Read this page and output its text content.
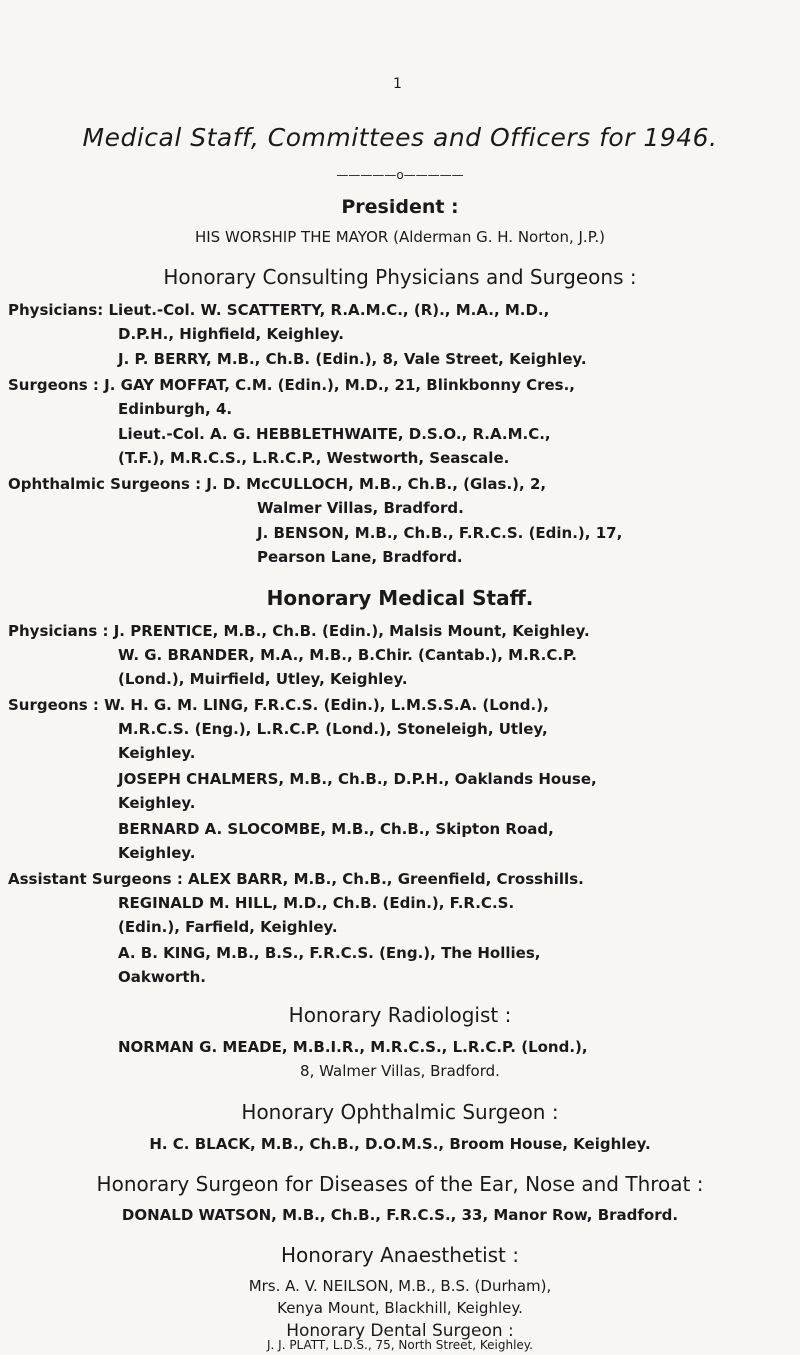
1
Medical Staff, Committees and Officers for 1946.
—————o—————
President :
HIS WORSHIP THE MAYOR (Alderman G. H. Norton, J.P.)
Honorary Consulting Physicians and Surgeons :
Physicians: Lieut.-Col. W. SCATTERTY, R.A.M.C., (R)., M.A., M.D.,
D.P.H., Highfield, Keighley.
J. P. BERRY, M.B., Ch.B. (Edin.), 8, Vale Street, Keighley.
Surgeons : J. GAY MOFFAT, C.M. (Edin.), M.D., 21, Blinkbonny Cres.,
Edinburgh, 4.
Lieut.-Col. A. G. HEBBLETHWAITE, D.S.O., R.A.M.C.,
(T.F.), M.R.C.S., L.R.C.P., Westworth, Seascale.
Ophthalmic Surgeons : J. D. McCULLOCH, M.B., Ch.B., (Glas.), 2,
Walmer Villas, Bradford.
J. BENSON, M.B., Ch.B., F.R.C.S. (Edin.), 17,
Pearson Lane, Bradford.
Honorary Medical Staff.
Physicians : J. PRENTICE, M.B., Ch.B. (Edin.), Malsis Mount, Keighley.
W. G. BRANDER, M.A., M.B., B.Chir. (Cantab.), M.R.C.P.
(Lond.), Muirfield, Utley, Keighley.
Surgeons : W. H. G. M. LING, F.R.C.S. (Edin.), L.M.S.S.A. (Lond.),
M.R.C.S. (Eng.), L.R.C.P. (Lond.), Stoneleigh, Utley,
Keighley.
JOSEPH CHALMERS, M.B., Ch.B., D.P.H., Oaklands House,
Keighley.
BERNARD A. SLOCOMBE, M.B., Ch.B., Skipton Road,
Keighley.
Assistant Surgeons : ALEX BARR, M.B., Ch.B., Greenfield, Crosshills.
REGINALD M. HILL, M.D., Ch.B. (Edin.), F.R.C.S.
(Edin.), Farfield, Keighley.
A. B. KING, M.B., B.S., F.R.C.S. (Eng.), The Hollies,
Oakworth.
Honorary Radiologist :
NORMAN G. MEADE, M.B.I.R., M.R.C.S., L.R.C.P. (Lond.),
8, Walmer Villas, Bradford.
Honorary Ophthalmic Surgeon :
H. C. BLACK, M.B., Ch.B., D.O.M.S., Broom House, Keighley.
Honorary Surgeon for Diseases of the Ear, Nose and Throat :
DONALD WATSON, M.B., Ch.B., F.R.C.S., 33, Manor Row, Bradford.
Honorary Anaesthetist :
Mrs. A. V. NEILSON, M.B., B.S. (Durham),
Kenya Mount, Blackhill, Keighley.
Honorary Dental Surgeon :
J. J. PLATT, L.D.S., 75, North Street, Keighley.
